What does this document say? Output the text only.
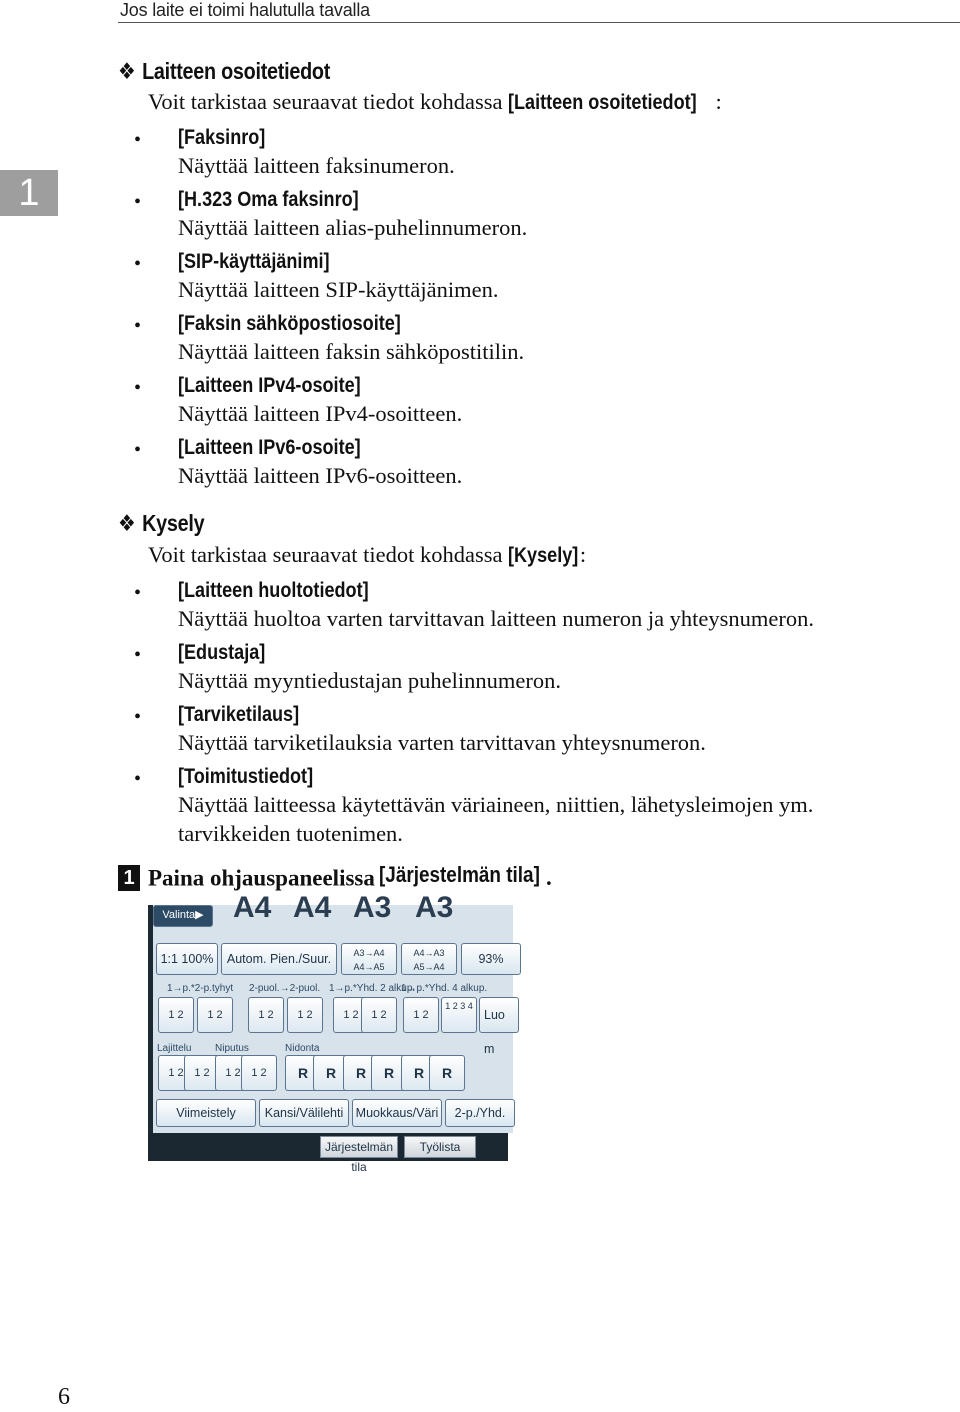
Jos laite ei toimi halutulla tavalla
1
❖ Laitteen osoitetiedot
Voit tarkistaa seuraavat tiedot kohdassa [Laitteen osoitetiedot] :
• [Faksinro]
Näyttää laitteen faksinumeron.
• [H.323 Oma faksinro]
Näyttää laitteen alias-puhelinnumeron.
• [SIP-käyttäjänimi]
Näyttää laitteen SIP-käyttäjänimen.
• [Faksin sähköpostiosoite]
Näyttää laitteen faksin sähköpostitilin.
• [Laitteen IPv4-osoite]
Näyttää laitteen IPv4-osoitteen.
• [Laitteen IPv6-osoite]
Näyttää laitteen IPv6-osoitteen.
❖ Kysely
Voit tarkistaa seuraavat tiedot kohdassa [Kysely]:
• [Laitteen huoltotiedot]
Näyttää huoltoa varten tarvittavan laitteen numeron ja yhteysnumeron.
• [Edustaja]
Näyttää myyntiedustajan puhelinnumeron.
• [Tarviketilaus]
Näyttää tarviketilauksia varten tarvittavan yhteysnumeron.
• [Toimitustiedot]
Näyttää laitteessa käytettävän väriaineen, niittien, lähetysleimojen ym.
tarvikkeiden tuotenimen.
1 Paina ohjauspaneelissa [Järjestelmän tila] .
Valinta▶ A4 A4 A3 A3
1:1 100%	Autom. Pien./Suur.	A3→A4 A4→A5
A4→A3 A5→A4
93%
1→p.*2-p.tyhyt 2-puol.→2-puol. 1→p.*Yhd. 2 alkup.
1→p.*Yhd. 4 alkup.
1 2	1 2	1 2	1 2	1 2	1 2	1 2
1 2 3 4
Luo m
Lajittelu Niputus	Nidonta
1 2 1 2	1 2 1 2	R	R	R	R	R	R
Viimeistely	Kansi/Välilehti Muokkaus/Väri	2-p./Yhd.
Järjestelmän tila
Työlista
6
